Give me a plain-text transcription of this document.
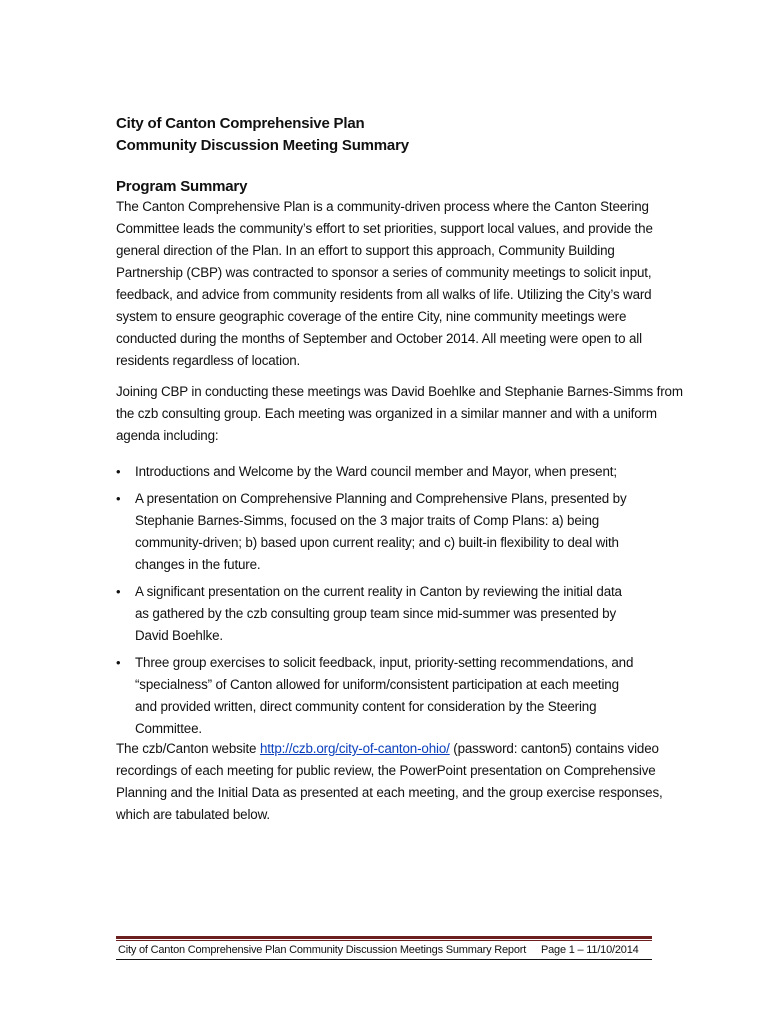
City of Canton Comprehensive Plan
Community Discussion Meeting Summary
Program Summary
The Canton Comprehensive Plan is a community-driven process where the Canton Steering
Committee leads the community’s effort to set priorities, support local values, and provide the
general direction of the Plan. In an effort to support this approach, Community Building
Partnership (CBP) was contracted to sponsor a series of community meetings to solicit input,
feedback, and advice from community residents from all walks of life. Utilizing the City’s ward
system to ensure geographic coverage of the entire City, nine community meetings were
conducted during the months of September and October 2014. All meeting were open to all
residents regardless of location.
Joining CBP in conducting these meetings was David Boehlke and Stephanie Barnes-Simms from
the czb consulting group. Each meeting was organized in a similar manner and with a uniform
agenda including:
• Introductions and Welcome by the Ward council member and Mayor, when present;
• A presentation on Comprehensive Planning and Comprehensive Plans, presented by
Stephanie Barnes-Simms, focused on the 3 major traits of Comp Plans: a) being
community-driven; b) based upon current reality; and c) built-in flexibility to deal with
changes in the future.
• A significant presentation on the current reality in Canton by reviewing the initial data
as gathered by the czb consulting group team since mid-summer was presented by
David Boehlke.
• Three group exercises to solicit feedback, input, priority-setting recommendations, and
“specialness” of Canton allowed for uniform/consistent participation at each meeting
and provided written, direct community content for consideration by the Steering
Committee.
The czb/Canton website http://czb.org/city-of-canton-ohio/ (password: canton5) contains video
recordings of each meeting for public review, the PowerPoint presentation on Comprehensive
Planning and the Initial Data as presented at each meeting, and the group exercise responses,
which are tabulated below.
City of Canton Comprehensive Plan Community Discussion Meetings Summary Report Page 1 – 11/10/2014
